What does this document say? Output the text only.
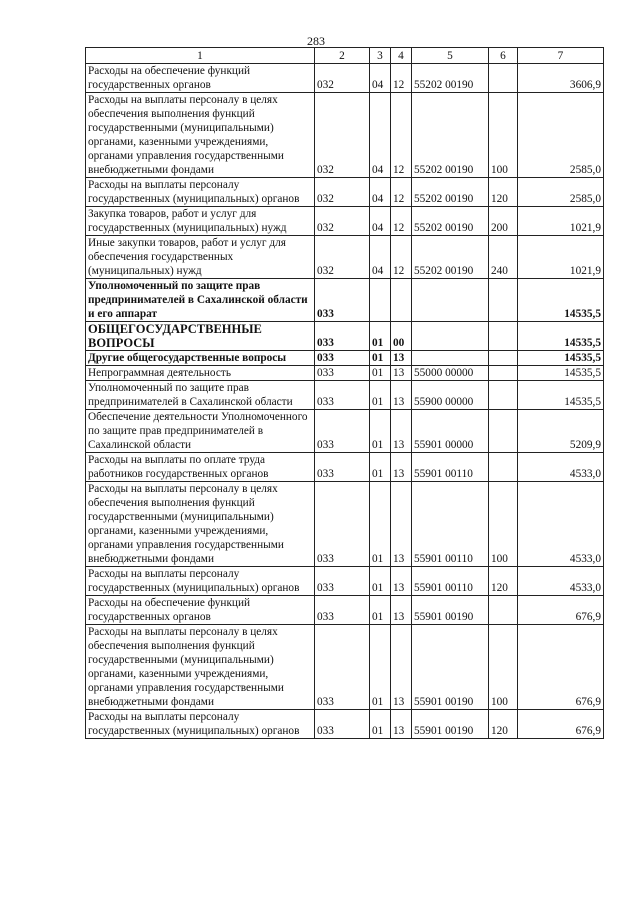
283
1	2	3	4	5	6	7
Расходы на обеспечение функций государственных органов	032	04	12	55202 00190		3606,9
Расходы на выплаты персоналу в целях обеспечения выполнения функций государственными (муниципальными) органами, казенными учреждениями, органами управления государственными внебюджетными фондами	032	04	12	55202 00190	100	2585,0
Расходы на выплаты персоналу государственных (муниципальных) органов	032	04	12	55202 00190	120	2585,0
Закупка товаров, работ и услуг для государственных (муниципальных) нужд	032	04	12	55202 00190	200	1021,9
Иные закупки товаров, работ и услуг для обеспечения государственных (муниципальных) нужд	032	04	12	55202 00190	240	1021,9
Уполномоченный по защите прав предпринимателей в Сахалинской области и его аппарат	033					14535,5
ОБЩЕГОСУДАРСТВЕННЫЕ ВОПРОСЫ	033	01	00			14535,5
Другие общегосударственные вопросы	033	01	13			14535,5
Непрограммная деятельность	033	01	13	55000 00000		14535,5
Уполномоченный по защите прав предпринимателей в Сахалинской области	033	01	13	55900 00000		14535,5
Обеспечение деятельности Уполномоченного по защите прав предпринимателей в Сахалинской области	033	01	13	55901 00000		5209,9
Расходы на выплаты по оплате труда работников государственных органов	033	01	13	55901 00110		4533,0
Расходы на выплаты персоналу в целях обеспечения выполнения функций государственными (муниципальными) органами, казенными учреждениями, органами управления государственными внебюджетными фондами	033	01	13	55901 00110	100	4533,0
Расходы на выплаты персоналу государственных (муниципальных) органов	033	01	13	55901 00110	120	4533,0
Расходы на обеспечение функций государственных органов	033	01	13	55901 00190		676,9
Расходы на выплаты персоналу в целях обеспечения выполнения функций государственными (муниципальными) органами, казенными учреждениями, органами управления государственными внебюджетными фондами	033	01	13	55901 00190	100	676,9
Расходы на выплаты персоналу государственных (муниципальных) органов	033	01	13	55901 00190	120	676,9
